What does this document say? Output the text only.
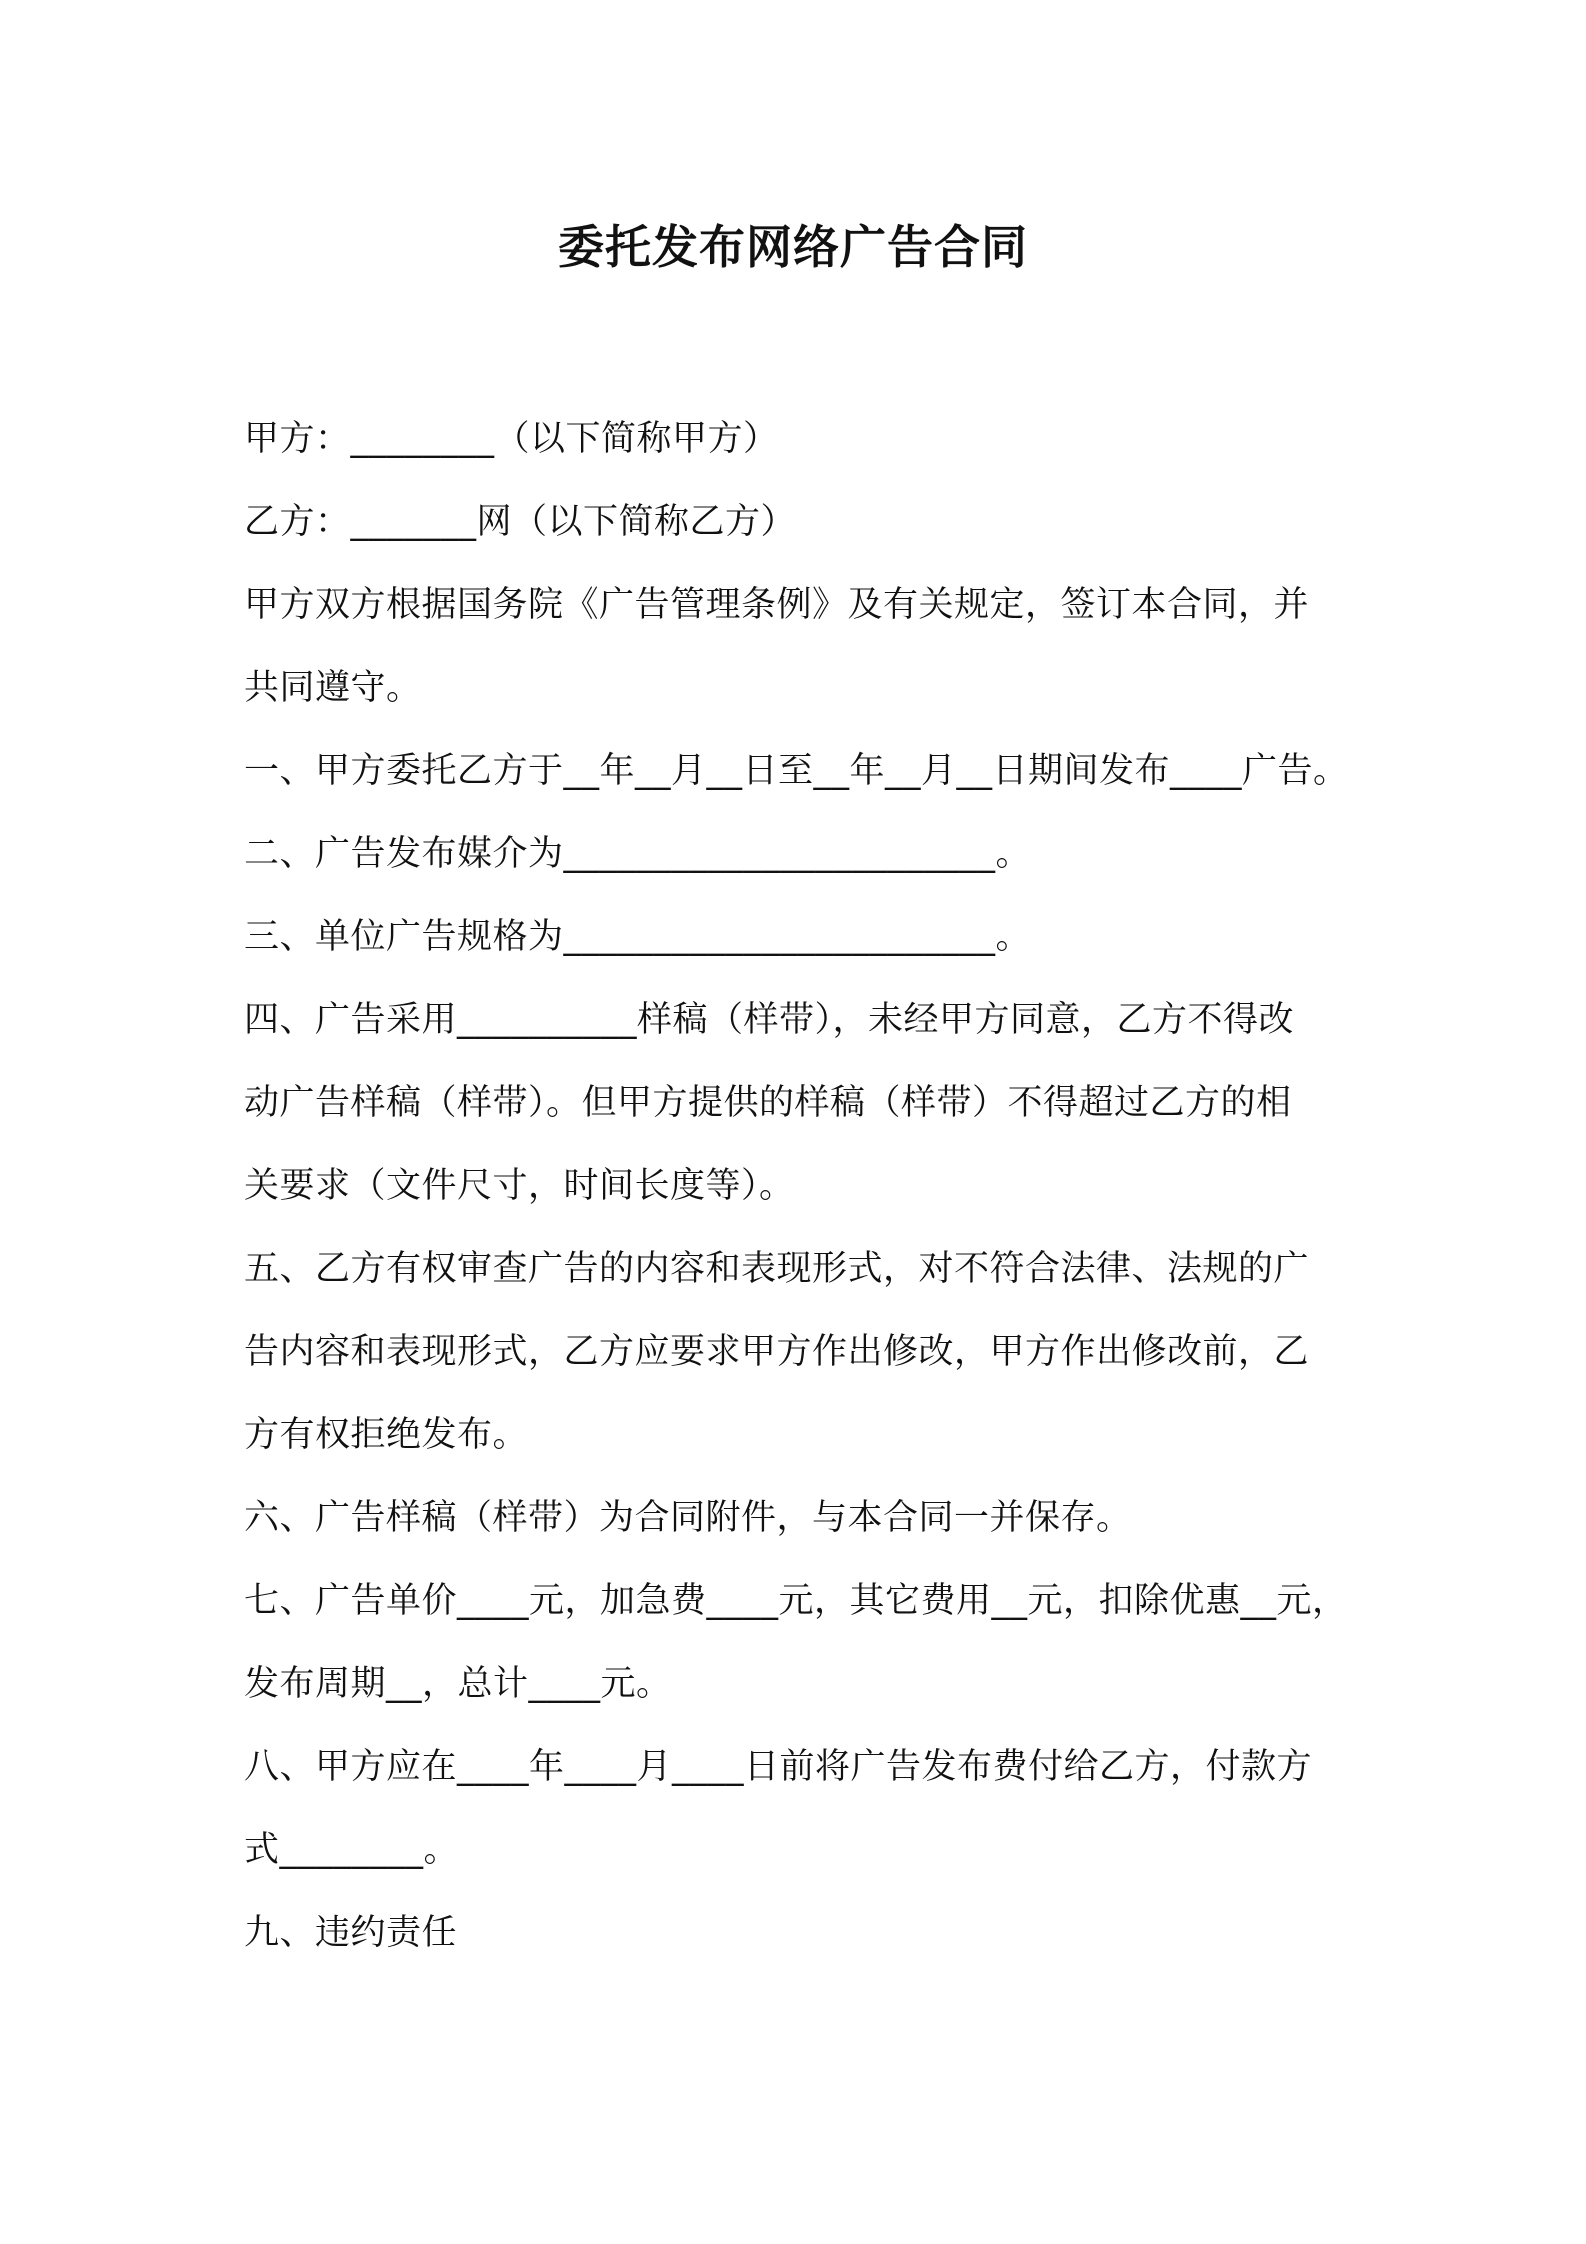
委托发布网络广告合同
甲方：________（以下简称甲方）
乙方：_______网（以下简称乙方）
甲方双方根据国务院《广告管理条例》及有关规定，签订本合同，并
共同遵守。
一、甲方委托乙方于__年__月__日至__年__月__日期间发布____广告。
二、广告发布媒介为________________________。
三、单位广告规格为________________________。
四、广告采用__________样稿（样带），未经甲方同意，乙方不得改
动广告样稿（样带）。但甲方提供的样稿（样带）不得超过乙方的相
关要求（文件尺寸，时间长度等）。
五、乙方有权审查广告的内容和表现形式，对不符合法律、法规的广
告内容和表现形式，乙方应要求甲方作出修改，甲方作出修改前，乙
方有权拒绝发布。
六、广告样稿（样带）为合同附件，与本合同一并保存。
七、广告单价____元，加急费____元，其它费用__元，扣除优惠__元，
发布周期__，总计____元。
八、甲方应在____年____月____日前将广告发布费付给乙方，付款方
式________。
九、违约责任
